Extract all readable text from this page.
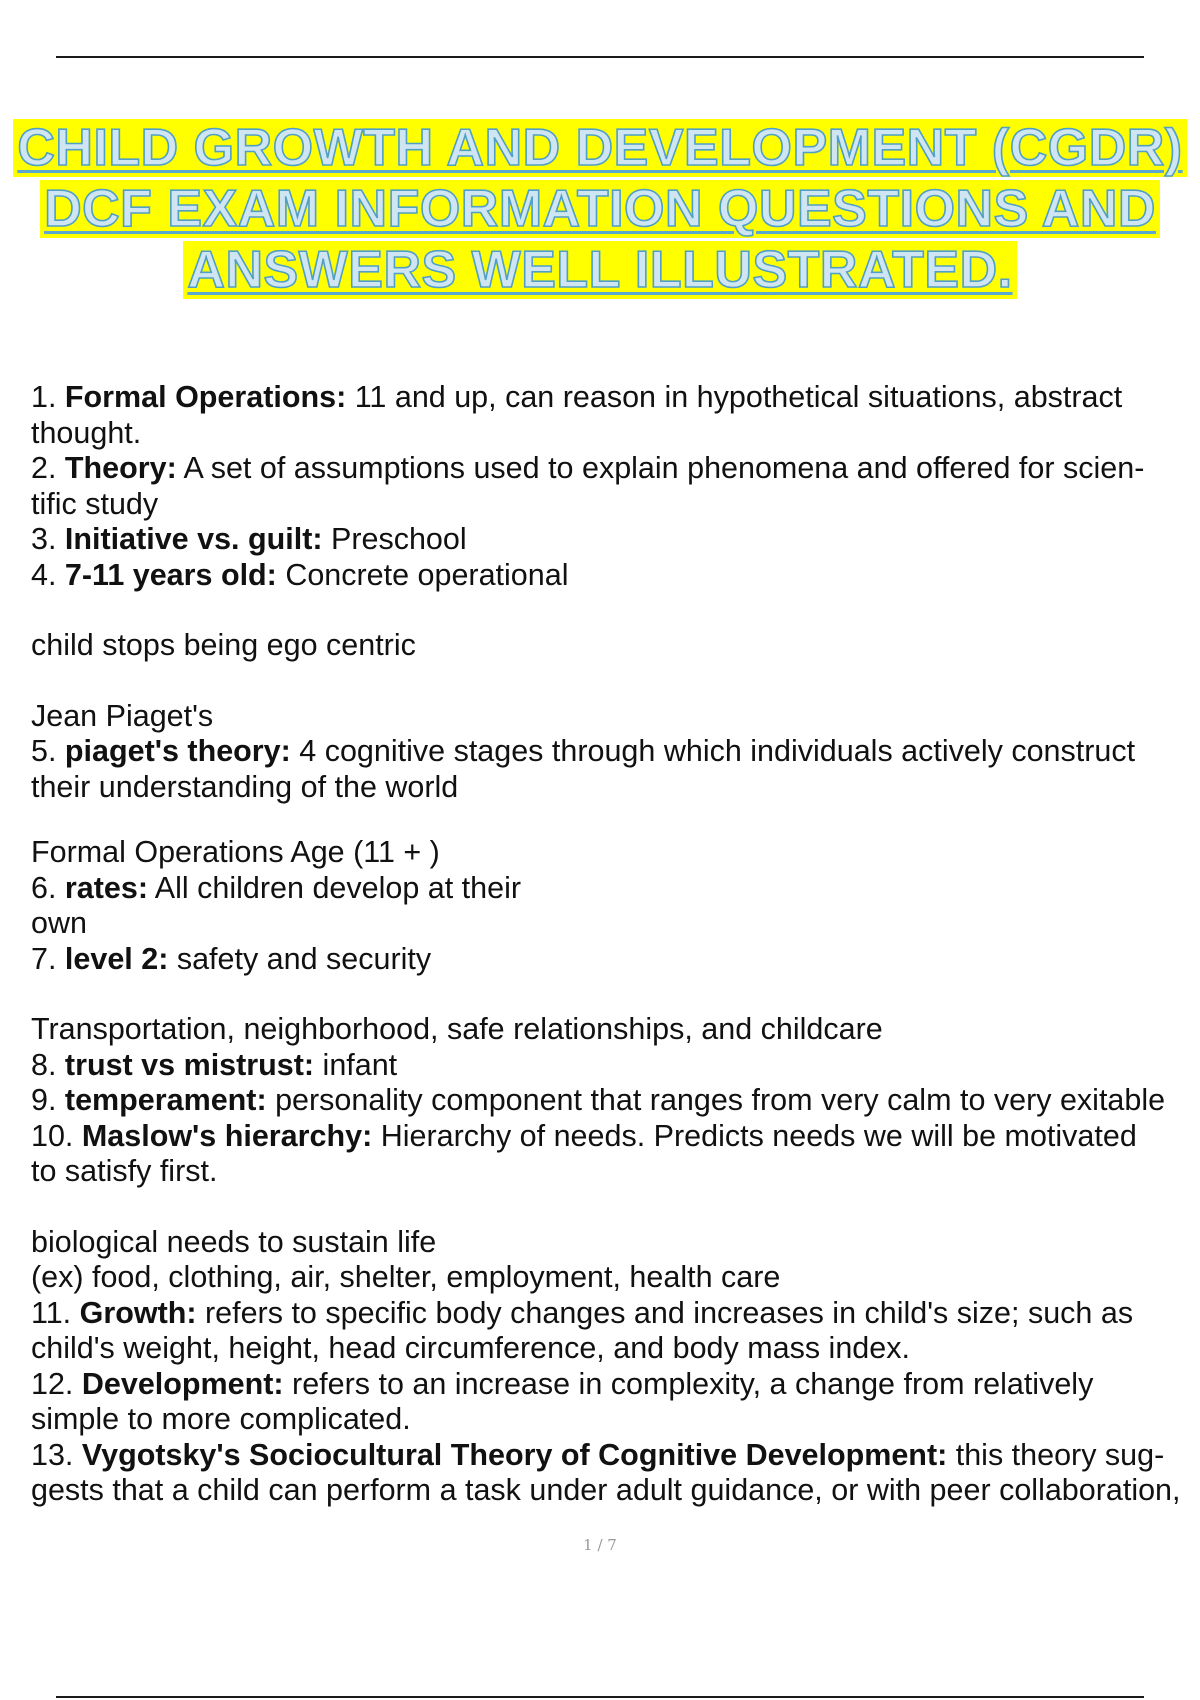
CHILD GROWTH AND DEVELOPMENT (CGDR)
DCF EXAM INFORMATION QUESTIONS AND
ANSWERS WELL ILLUSTRATED.
1. Formal Operations: 11 and up, can reason in hypothetical situations, abstract
thought.
2. Theory: A set of assumptions used to explain phenomena and offered for scien-
tific study
3. Initiative vs. guilt: Preschool
4. 7-11 years old: Concrete operational
child stops being ego centric
Jean Piaget's
5. piaget's theory: 4 cognitive stages through which individuals actively construct
their understanding of the world
Formal Operations Age (11 + )
6. rates: All children develop at their
own
7. level 2: safety and security
Transportation, neighborhood, safe relationships, and childcare
8. trust vs mistrust: infant
9. temperament: personality component that ranges from very calm to very exitable
10. Maslow's hierarchy: Hierarchy of needs. Predicts needs we will be motivated
to satisfy first.
biological needs to sustain life
(ex) food, clothing, air, shelter, employment, health care
11. Growth: refers to specific body changes and increases in child's size; such as
child's weight, height, head circumference, and body mass index.
12. Development: refers to an increase in complexity, a change from relatively
simple to more complicated.
13. Vygotsky's Sociocultural Theory of Cognitive Development: this theory sug-
gests that a child can perform a task under adult guidance, or with peer collaboration,
1 / 7
